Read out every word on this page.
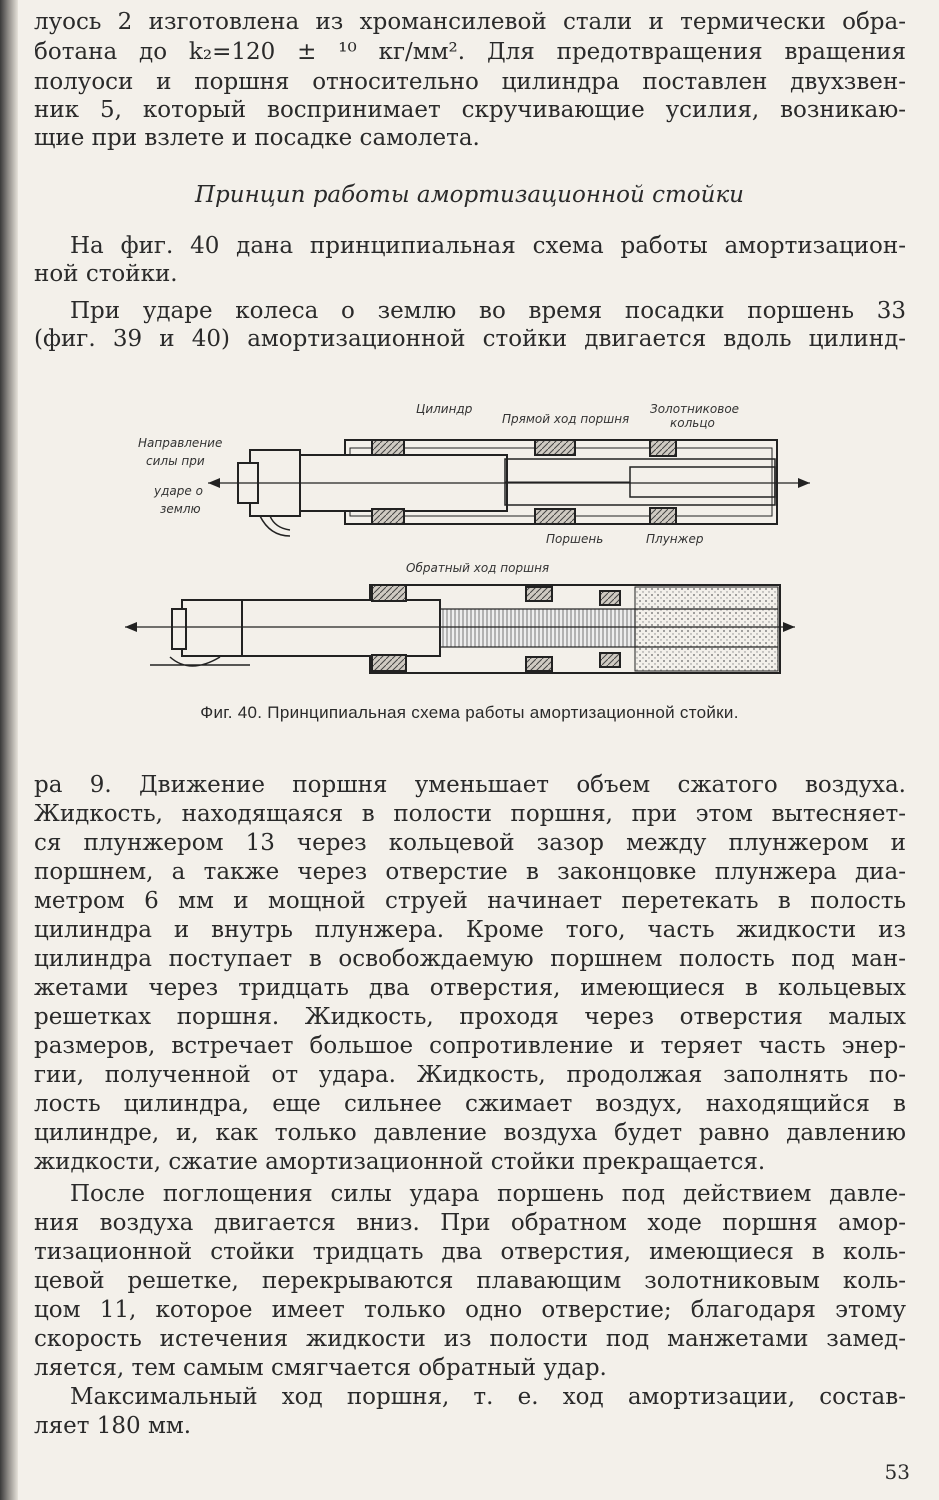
луось 2 изготовлена из хромансилевой стали и термически обра-
ботана до k₂=120 ± ¹⁰ кг/мм². Для предотвращения вращения
полуоси и поршня относительно цилиндра поставлен двухзвен-
ник 5, который воспринимает скручивающие усилия, возникаю-
щие при взлете и посадке самолета.
Принцип работы амортизационной стойки
На фиг. 40 дана принципиальная схема работы амортизацион-
ной стойки.
При ударе колеса о землю во время посадки поршень 33
(фиг. 39 и 40) амортизационной стойки двигается вдоль цилинд-
Цилиндр
Прямой ход поршня
Золотниковое
кольцо
Направление
силы при
ударе о
землю
Поршень	Плунжер
Обратный ход поршня
Фиг. 40. Принципиальная схема работы амортизационной стойки.
ра 9. Движение поршня уменьшает объем сжатого воздуха.
Жидкость, находящаяся в полости поршня, при этом вытесняет-
ся плунжером 13 через кольцевой зазор между плунжером и
поршнем, а также через отверстие в законцовке плунжера диа-
метром 6 мм и мощной струей начинает перетекать в полость
цилиндра и внутрь плунжера. Кроме того, часть жидкости из
цилиндра поступает в освобождаемую поршнем полость под ман-
жетами через тридцать два отверстия, имеющиеся в кольцевых
решетках поршня. Жидкость, проходя через отверстия малых
размеров, встречает большое сопротивление и теряет часть энер-
гии, полученной от удара. Жидкость, продолжая заполнять по-
лость цилиндра, еще сильнее сжимает воздух, находящийся в
цилиндре, и, как только давление воздуха будет равно давлению
жидкости, сжатие амортизационной стойки прекращается.
После поглощения силы удара поршень под действием давле-
ния воздуха двигается вниз. При обратном ходе поршня амор-
тизационной стойки тридцать два отверстия, имеющиеся в коль-
цевой решетке, перекрываются плавающим золотниковым коль-
цом 11, которое имеет только одно отверстие; благодаря этому
скорость истечения жидкости из полости под манжетами замед-
ляется, тем самым смягчается обратный удар.
Максимальный ход поршня, т. е. ход амортизации, состав-
ляет 180 мм.
53
